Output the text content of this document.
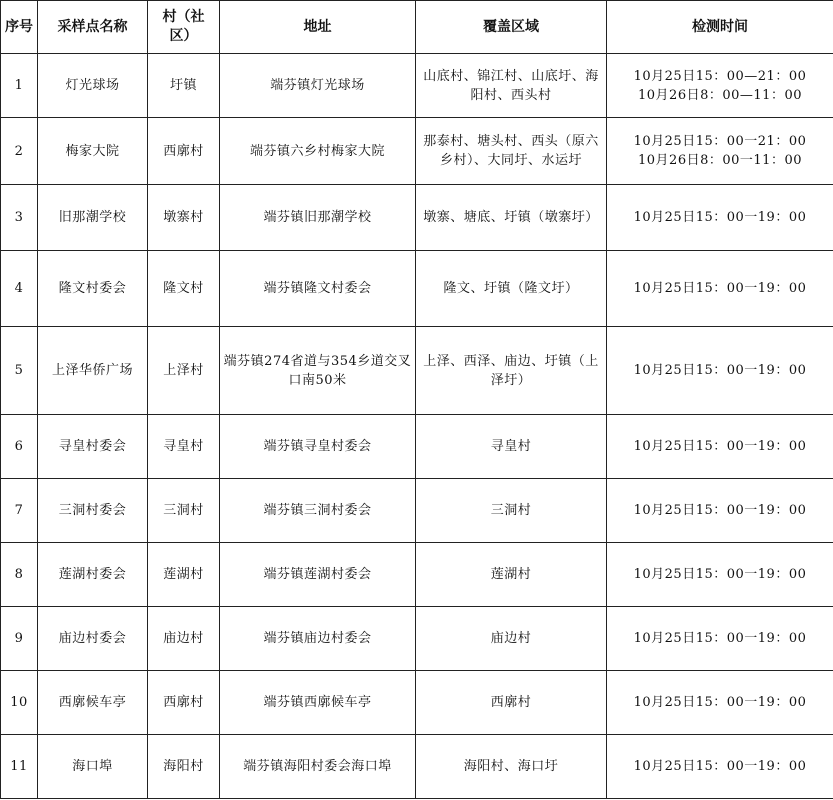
序号	采样点名称	村（社区）	地址	覆盖区域	检测时间
1	灯光球场	圩镇	端芬镇灯光球场	山底村、锦江村、山底圩、海阳村、西头村	10月25日15：00—21：00
10月26日8：00—11：00

2	梅家大院	西廓村	端芬镇六乡村梅家大院	那泰村、塘头村、西头（原六乡村）、大同圩、水运圩	10月25日15：00一21：00
10月26日8：00一11：00

3	旧那潮学校	墩寨村	端芬镇旧那潮学校	墩寨、塘底、圩镇（墩寨圩）	10月25日15：00一19：00

4	隆文村委会	隆文村	端芬镇隆文村委会	隆文、圩镇（隆文圩）	10月25日15：00一19：00

5	上泽华侨广场	上泽村	端芬镇274省道与354乡道交叉口南50米	上泽、西泽、庙边、圩镇（上泽圩）	10月25日15：00一19：00

6	寻皇村委会	寻皇村	端芬镇寻皇村委会	寻皇村	10月25日15：00一19：00

7	三洞村委会	三洞村	端芬镇三洞村委会	三洞村	10月25日15：00一19：00

8	莲湖村委会	莲湖村	端芬镇莲湖村委会	莲湖村	10月25日15：00一19：00

9	庙边村委会	庙边村	端芬镇庙边村委会	庙边村	10月25日15：00一19：00

10	西廓候车亭	西廓村	端芬镇西廓候车亭	西廓村	10月25日15：00一19：00

11	海口埠	海阳村	端芬镇海阳村委会海口埠	海阳村、海口圩	10月25日15：00一19：00
